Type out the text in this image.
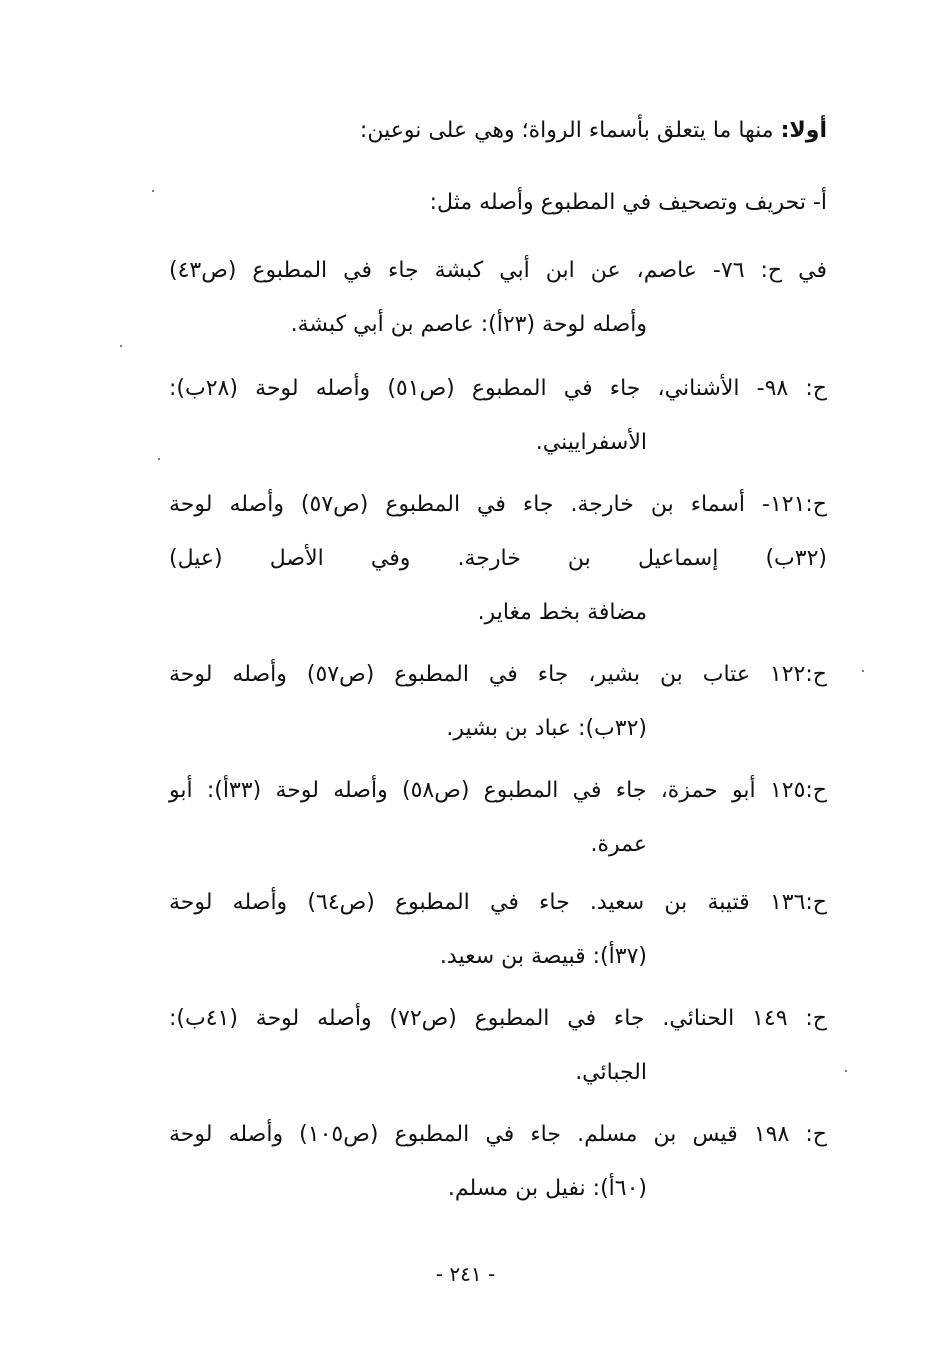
أولا: منها ما يتعلق بأسماء الرواة؛ وهي على نوعين:

أ- تحريف وتصحيف في المطبوع وأصله مثل:

في ح: ٧٦- عاصم، عن ابن أبي كبشة جاء في المطبوع (ص٤٣)
وأصله لوحة (٢٣أ): عاصم بن أبي كبشة.
ح: ٩٨- الأشناني، جاء في المطبوع (ص٥١) وأصله لوحة (٢٨ب):
الأسفراييني.
ح:١٢١- أسماء بن خارجة. جاء في المطبوع (ص٥٧) وأصله لوحة
(٣٢ب) إسماعيل بن خارجة. وفي الأصل (عيل)
مضافة بخط مغاير.
ح:١٢٢ عتاب بن بشير، جاء في المطبوع (ص٥٧) وأصله لوحة
(٣٢ب): عباد بن بشير.
ح:١٢٥ أبو حمزة، جاء في المطبوع (ص٥٨) وأصله لوحة (٣٣أ): أبو
عمرة.
ح:١٣٦ قتيبة بن سعيد. جاء في المطبوع (ص٦٤) وأصله لوحة
(٣٧أ): قبيصة بن سعيد.
ح: ١٤٩ الحنائي. جاء في المطبوع (ص٧٢) وأصله لوحة (٤١ب):
الجبائي.
ح: ١٩٨ قيس بن مسلم. جاء في المطبوع (ص١٠٥) وأصله لوحة
(٦٠أ): نفيل بن مسلم.
- ٢٤١ -
